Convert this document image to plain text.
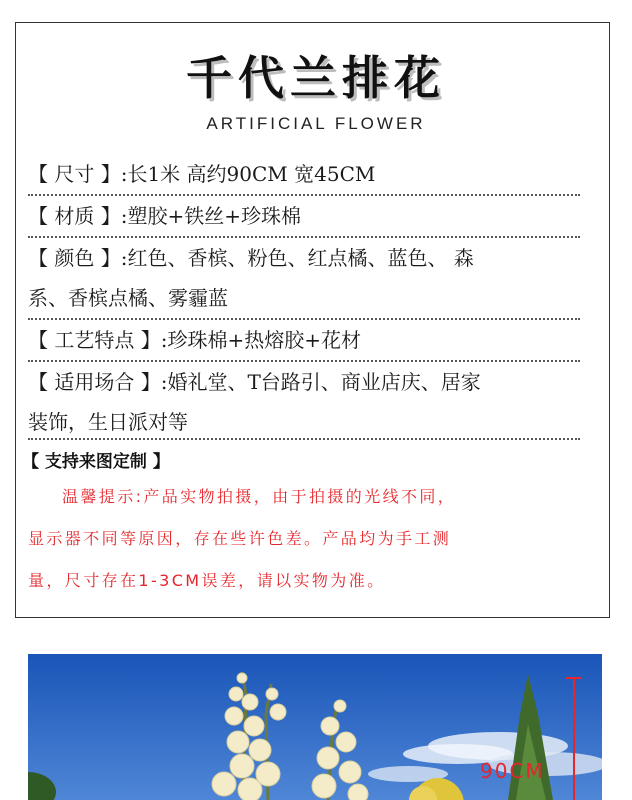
千代兰排花
ARTIFICIAL FLOWER
【 尺寸 】:长1米 高约90CM 宽45CM
【 材质 】:塑胶+铁丝+珍珠棉
【 颜色 】:红色、香槟、粉色、红点橘、蓝色、 森
系、香槟点橘、雾霾蓝
【 工艺特点 】:珍珠棉+热熔胶+花材
【 适用场合 】:婚礼堂、T台路引、商业店庆、居家
装饰，生日派对等
【 支持来图定制 】
温馨提示:产品实物拍摄，由于拍摄的光线不同，
显示器不同等原因，存在些许色差。产品均为手工测
量，尺寸存在1-3CM误差，请以实物为准。
90CM
